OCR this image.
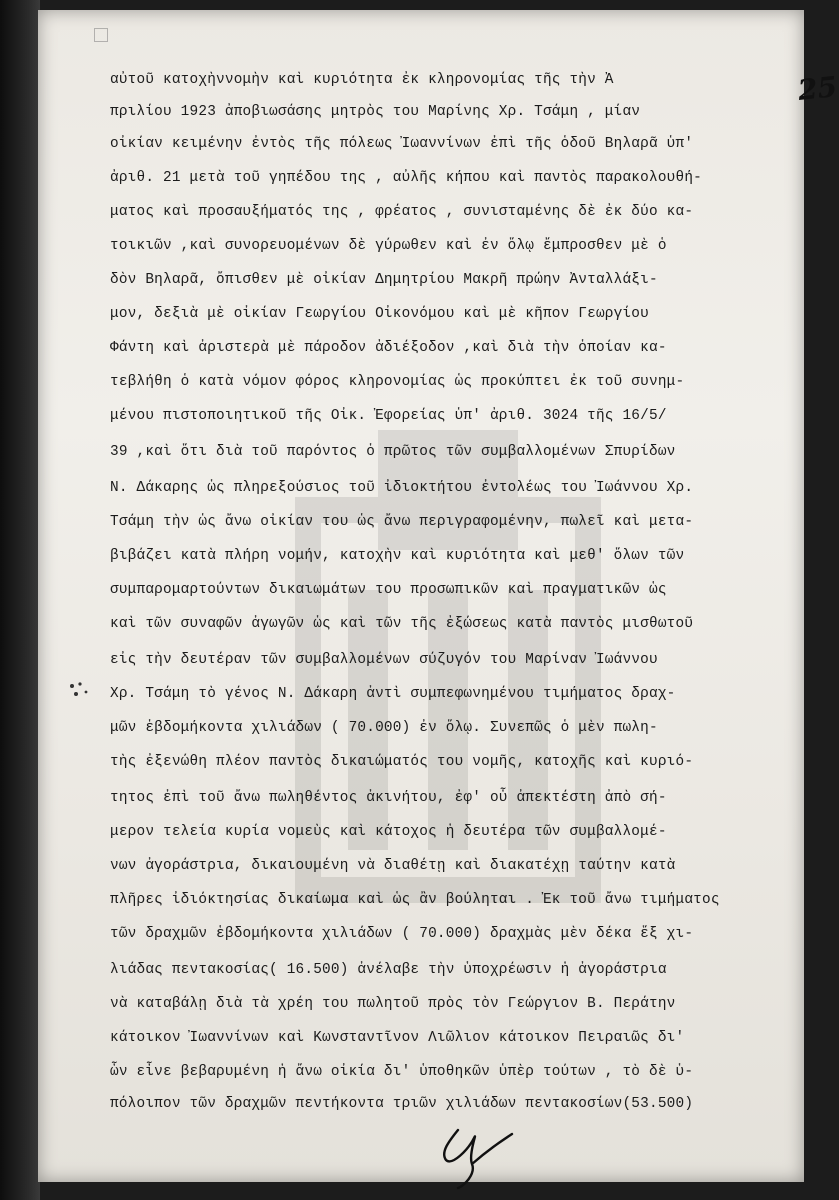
25
αὐτοῦ κατοχὴννομὴν καὶ κυριότητα ἐκ κληρονομίας τῆς τὴν Ἀ
πριλίου 1923 ἀποβιωσάσης μητρὸς του Μαρίνης Χρ. Τσάμη , μίαν
οἰκίαν κειμένην ἐντὸς τῆς πόλεως Ἰωαννίνων ἐπὶ τῆς ὁδοῦ Βηλαρᾶ ὑπ'
ἀριθ. 21 μετὰ τοῦ γηπέδου της , αὐλῆς κήπου καὶ παντὸς παρακολουθή-
ματος καὶ προσαυξήματός της , φρέατος , συνισταμένης δὲ ἐκ δύο κα-
τοικιῶν ,καὶ συνορευομένων δὲ γύρωθεν καὶ ἐν ὅλῳ ἔμπροσθεν μὲ ὁ
δὸν Βηλαρᾶ, ὄπισθεν μὲ οἰκίαν Δημητρίου Μακρῆ πρώην Ἀνταλλάξι-
μον, δεξιὰ μὲ οἰκίαν Γεωργίου Οἰκονόμου καὶ μὲ κῆπον Γεωργίου
Φάντη καὶ ἀριστερὰ μὲ πάροδον ἀδιέξοδον ,καὶ διὰ τὴν ὁποίαν κα-
τεβλήθη ὁ κατὰ νόμον φόρος κληρονομίας ὡς προκύπτει ἐκ τοῦ συνημ-
μένου πιστοποιητικοῦ τῆς Οἰκ. Ἐφορείας ὑπ' ἀριθ. 3024 τῆς 16/5/
39 ,καὶ ὅτι διὰ τοῦ παρόντος ὁ πρῶτος τῶν συμβαλλομένων Σπυρίδων
Ν. Δάκαρης ὡς πληρεξούσιος τοῦ ἰδιοκτήτου ἐντολέως του Ἰωάννου Χρ.
Τσάμη τὴν ὡς ἄνω οἰκίαν του ὡς ἄνω περιγραφομένην, πωλεῖ καὶ μετα-
βιβάζει κατὰ πλήρη νομήν, κατοχὴν καὶ κυριότητα καὶ μεθ' ὅλων τῶν
συμπαρομαρτούντων δικαιωμάτων του προσωπικῶν καὶ πραγματικῶν ὡς
καὶ τῶν συναφῶν ἀγωγῶν ὡς καὶ τῶν τῆς ἐξώσεως κατὰ παντὸς μισθωτοῦ
εἰς τὴν δευτέραν τῶν συμβαλλομένων σύζυγόν του Μαρίναν Ἰωάννου
Χρ. Τσάμη τὸ γένος Ν. Δάκαρη ἀντὶ συμπεφωνημένου τιμήματος δραχ-
μῶν ἑβδομήκοντα χιλιάδων ( 70.000) ἐν ὅλῳ. Συνεπῶς ὁ μὲν πωλη-
τὴς ἐξενώθη πλέον παντὸς δικαιώματός του νομῆς, κατοχῆς καὶ κυριό-
τητος ἐπὶ τοῦ ἄνω πωληθέντος ἀκινήτου, ἐφ' οὗ ἀπεκτέστη ἀπὸ σή-
μερον τελεία κυρία νομεὺς καὶ κάτοχος ἡ δευτέρα τῶν συμβαλλομέ-
νων ἀγοράστρια, δικαιουμένη νὰ διαθέτῃ καὶ διακατέχῃ ταύτην κατὰ
πλῆρες ἰδιόκτησίας δικαίωμα καὶ ὡς ἂν βούληται . Ἐκ τοῦ ἄνω τιμήματος
τῶν δραχμῶν ἑβδομήκοντα χιλιάδων ( 70.000) δραχμὰς μὲν δέκα ἕξ χι-
λιάδας πεντακοσίας( 16.500) ἀνέλαβε τὴν ὑποχρέωσιν ἡ ἀγοράστρια
νὰ καταβάλῃ διὰ τὰ χρέη του πωλητοῦ πρὸς τὸν Γεώργιον Β. Περάτην
κάτοικον Ἰωαννίνων καὶ Κωνσταντῖνον Λιῶλιον κάτοικον Πειραιῶς δι'
ὧν εἶνε βεβαρυμένη ἡ ἄνω οἰκία δι' ὑποθηκῶν ὑπὲρ τούτων , τὸ δὲ ὑ-
πόλοιπον τῶν δραχμῶν πεντήκοντα τριῶν χιλιάδων πεντακοσίων(53.500)
